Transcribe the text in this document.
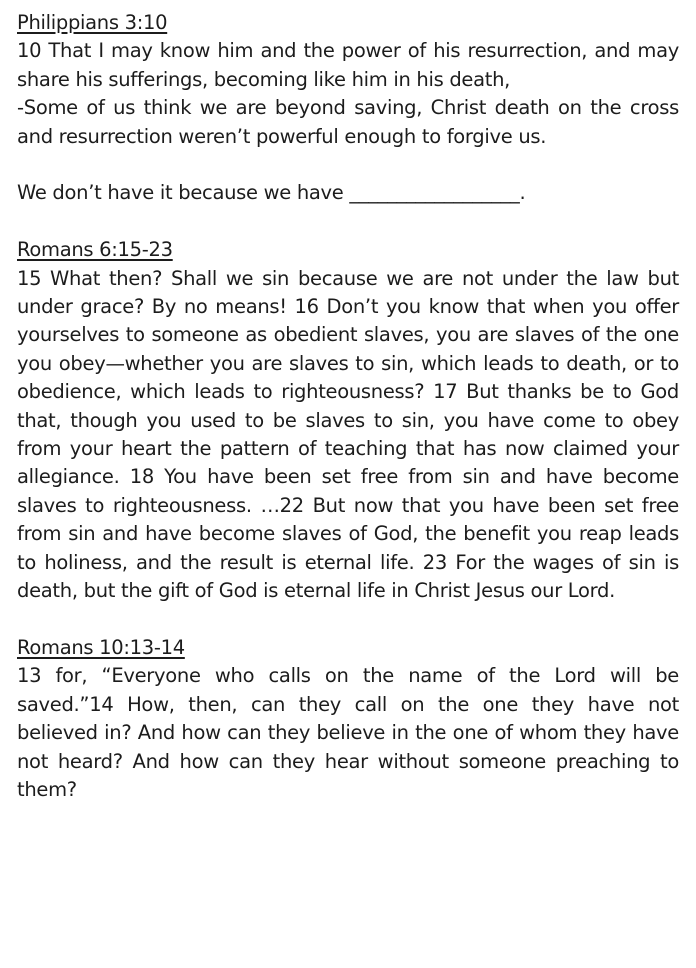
Philippians 3:10

10 That I may know him and the power of his resurrection, and may share his sufferings, becoming like him in his death,

-Some of us think we are beyond saving, Christ death on the cross and resurrection weren’t powerful enough to forgive us.

We don’t have it because we have __________________.

Romans 6:15-23

15 What then? Shall we sin because we are not under the law but under grace? By no means! 16 Don’t you know that when you offer yourselves to someone as obedient slaves, you are slaves of the one you obey—whether you are slaves to sin, which leads to death, or to obedience, which leads to righteousness? 17 But thanks be to God that, though you used to be slaves to sin, you have come to obey from your heart the pattern of teaching that has now claimed your allegiance. 18 You have been set free from sin and have become slaves to righteousness. …22 But now that you have been set free from sin and have become slaves of God, the benefit you reap leads to holiness, and the result is eternal life. 23 For the wages of sin is death, but the gift of God is eternal life in Christ Jesus our Lord.

Romans 10:13-14

13 for, “Everyone who calls on the name of the Lord will be saved.”14 How, then, can they call on the one they have not believed in? And how can they believe in the one of whom they have not heard? And how can they hear without someone preaching to them?
